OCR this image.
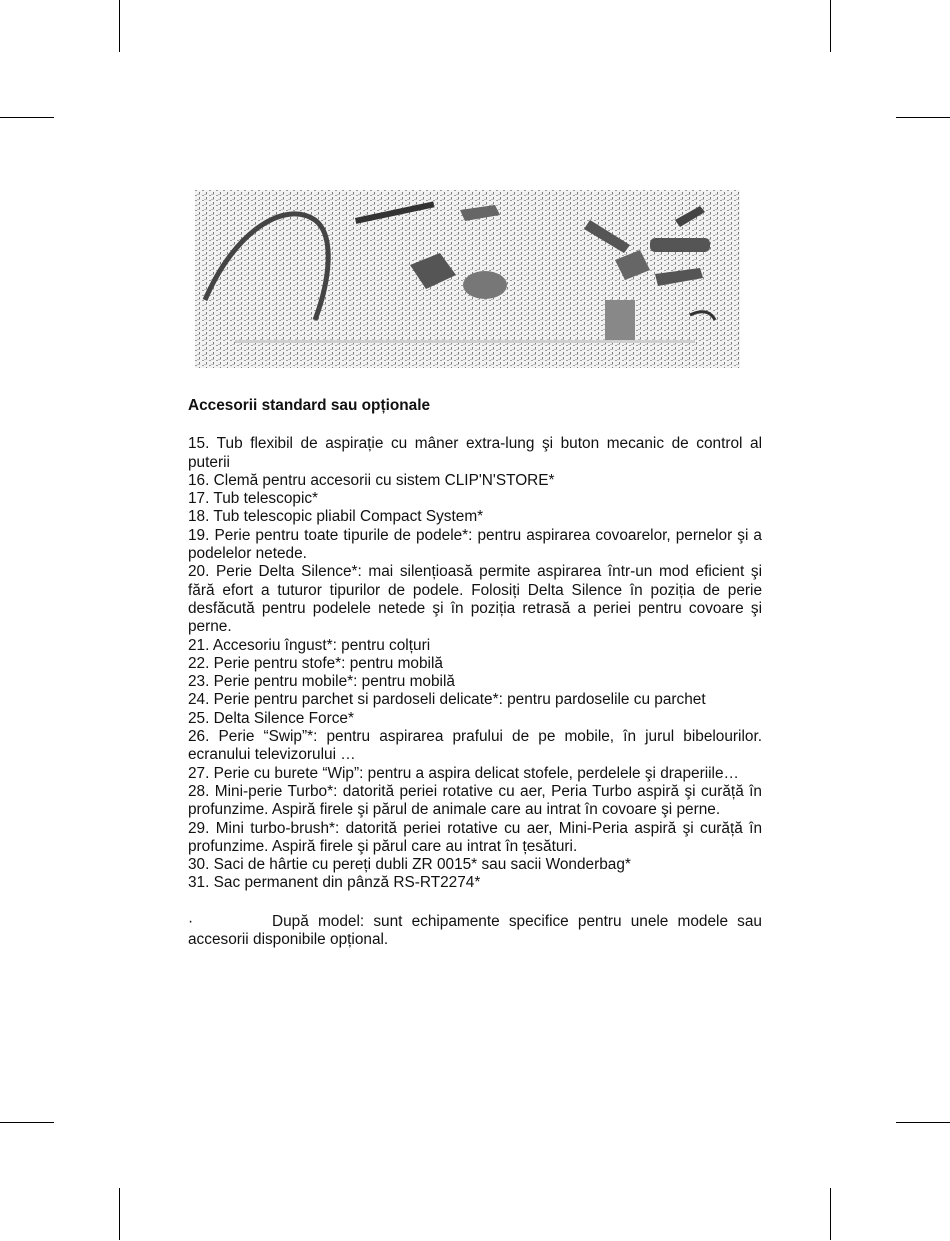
Accesorii standard sau opționale
15. Tub flexibil de aspirație cu mâner extra-lung şi buton mecanic de control al puterii
16. Clemă pentru accesorii cu sistem CLIP'N'STORE*
17. Tub telescopic*
18. Tub telescopic pliabil Compact System*
19. Perie pentru toate tipurile de podele*: pentru aspirarea covoarelor, pernelor şi a podelelor netede.
20. Perie Delta Silence*: mai silențioasă permite aspirarea într-un mod eficient şi fără efort a tuturor tipurilor de podele. Folosiți Delta Silence în poziția de perie desfăcută pentru podelele netede şi în poziția retrasă a periei pentru covoare şi perne.
21. Accesoriu îngust*: pentru colțuri
22. Perie pentru stofe*: pentru mobilă
23. Perie pentru mobile*: pentru mobilă
24. Perie pentru parchet si pardoseli delicate*: pentru pardoselile cu parchet
25. Delta Silence Force*
26. Perie “Swip”*: pentru aspirarea prafului de pe mobile, în jurul bibelourilor. ecranului televizorului …
27. Perie cu burete “Wip”: pentru a aspira delicat stofele, perdelele şi draperiile…
28. Mini-perie Turbo*: datorită periei rotative cu aer, Peria Turbo aspiră şi curăță în profunzime. Aspiră firele şi părul de animale care au intrat în covoare şi perne.
29. Mini turbo-brush*: datorită periei rotative cu aer, Mini-Peria aspiră şi curăță în profunzime. Aspiră firele şi părul care au intrat în țesături.
30. Saci de hârtie cu pereți dubli ZR 0015* sau sacii Wonderbag*
31. Sac permanent din pânză RS-RT2274*
·	După model: sunt echipamente specifice pentru unele modele sau accesorii disponibile opțional.
